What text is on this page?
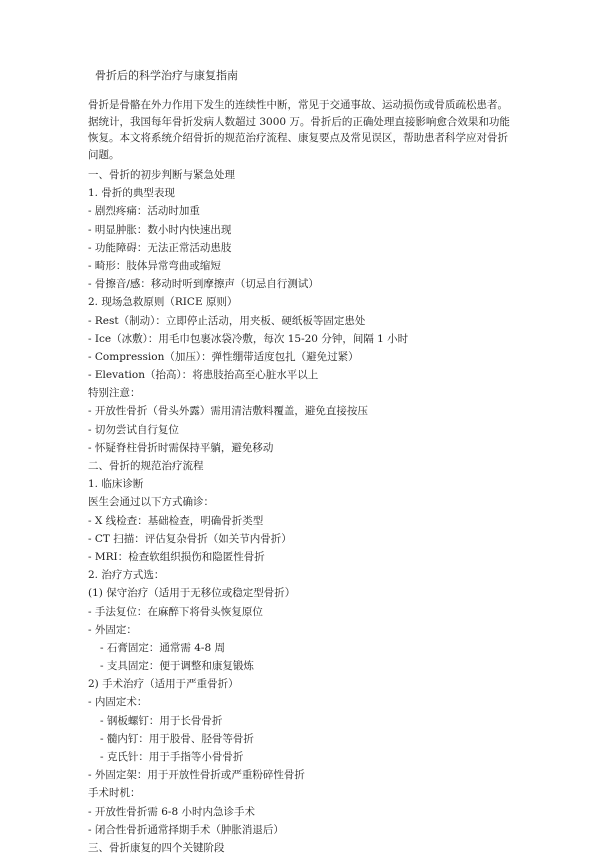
骨折后的科学治疗与康复指南

骨折是骨骼在外力作用下发生的连续性中断，常见于交通事故、运动损伤或骨质疏松患者。据统计，我国每年骨折发病人数超过 3000 万。骨折后的正确处理直接影响愈合效果和功能恢复。本文将系统介绍骨折的规范治疗流程、康复要点及常见误区，帮助患者科学应对骨折问题。

一、骨折的初步判断与紧急处理
1. 骨折的典型表现
- 剧烈疼痛：活动时加重
- 明显肿胀：数小时内快速出现
- 功能障碍：无法正常活动患肢
- 畸形：肢体异常弯曲或缩短
- 骨擦音/感：移动时听到摩擦声（切忌自行测试）
2. 现场急救原则（RICE 原则）
- Rest（制动）：立即停止活动，用夹板、硬纸板等固定患处
- Ice（冰敷）：用毛巾包裹冰袋冷敷，每次 15-20 分钟，间隔 1 小时
- Compression（加压）：弹性绷带适度包扎（避免过紧）
- Elevation（抬高）：将患肢抬高至心脏水平以上
特别注意：
- 开放性骨折（骨头外露）需用清洁敷料覆盖，避免直接按压
- 切勿尝试自行复位
- 怀疑脊柱骨折时需保持平躺，避免移动
二、骨折的规范治疗流程
1. 临床诊断
医生会通过以下方式确诊：
- X 线检查：基础检查，明确骨折类型
- CT 扫描：评估复杂骨折（如关节内骨折）
- MRI：检查软组织损伤和隐匿性骨折
2. 治疗方式选：
(1) 保守治疗（适用于无移位或稳定型骨折）
- 手法复位：在麻醉下将骨头恢复原位
- 外固定：
- 石膏固定：通常需 4-8 周
- 支具固定：便于调整和康复锻炼
2) 手术治疗（适用于严重骨折）
- 内固定术：
- 钢板螺钉：用于长骨骨折
- 髓内钉：用于股骨、胫骨等骨折
- 克氏针：用于手指等小骨骨折
- 外固定架：用于开放性骨折或严重粉碎性骨折
手术时机：
- 开放性骨折需 6-8 小时内急诊手术
- 闭合性骨折通常择期手术（肿胀消退后）
三、骨折康复的四个关键阶段
